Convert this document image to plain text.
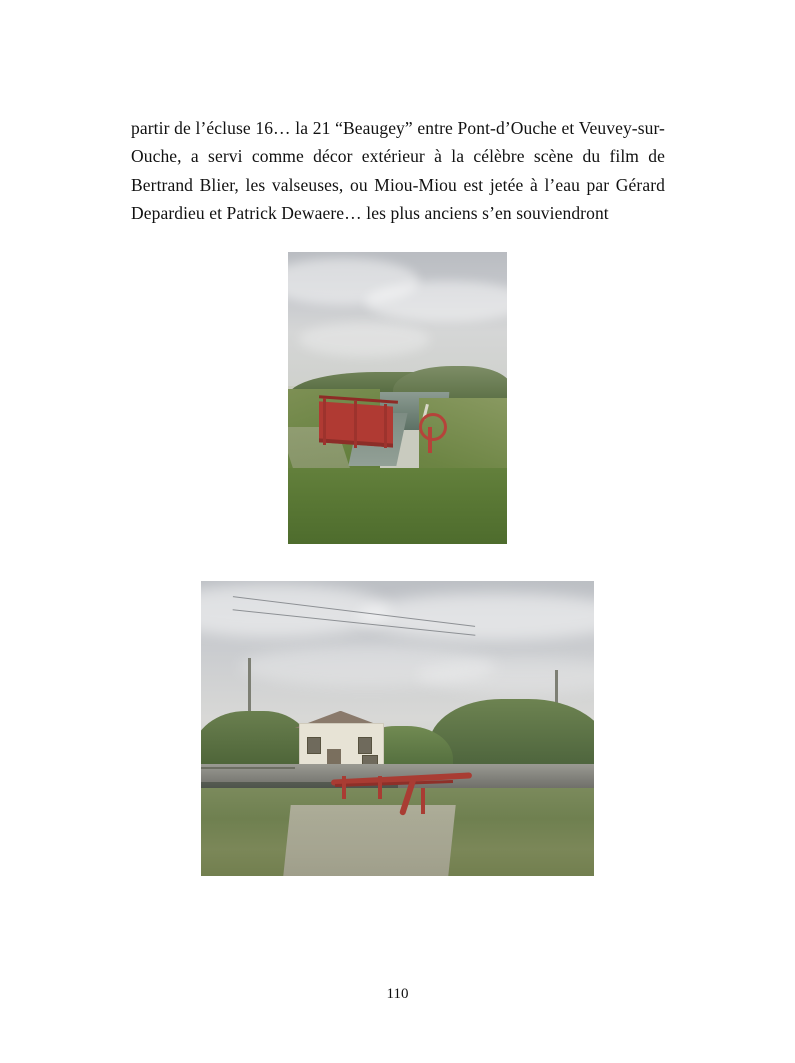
partir de l’écluse 16… la 21 “Beaugey” entre Pont-d’Ouche et Veuvey-sur-Ouche, a servi comme décor extérieur à la célèbre scène du film de Bertrand Blier, les valseuses, ou Miou-Miou est jetée à l’eau par Gérard Depardieu et Patrick Dewaere… les plus anciens s’en souviendront

110
